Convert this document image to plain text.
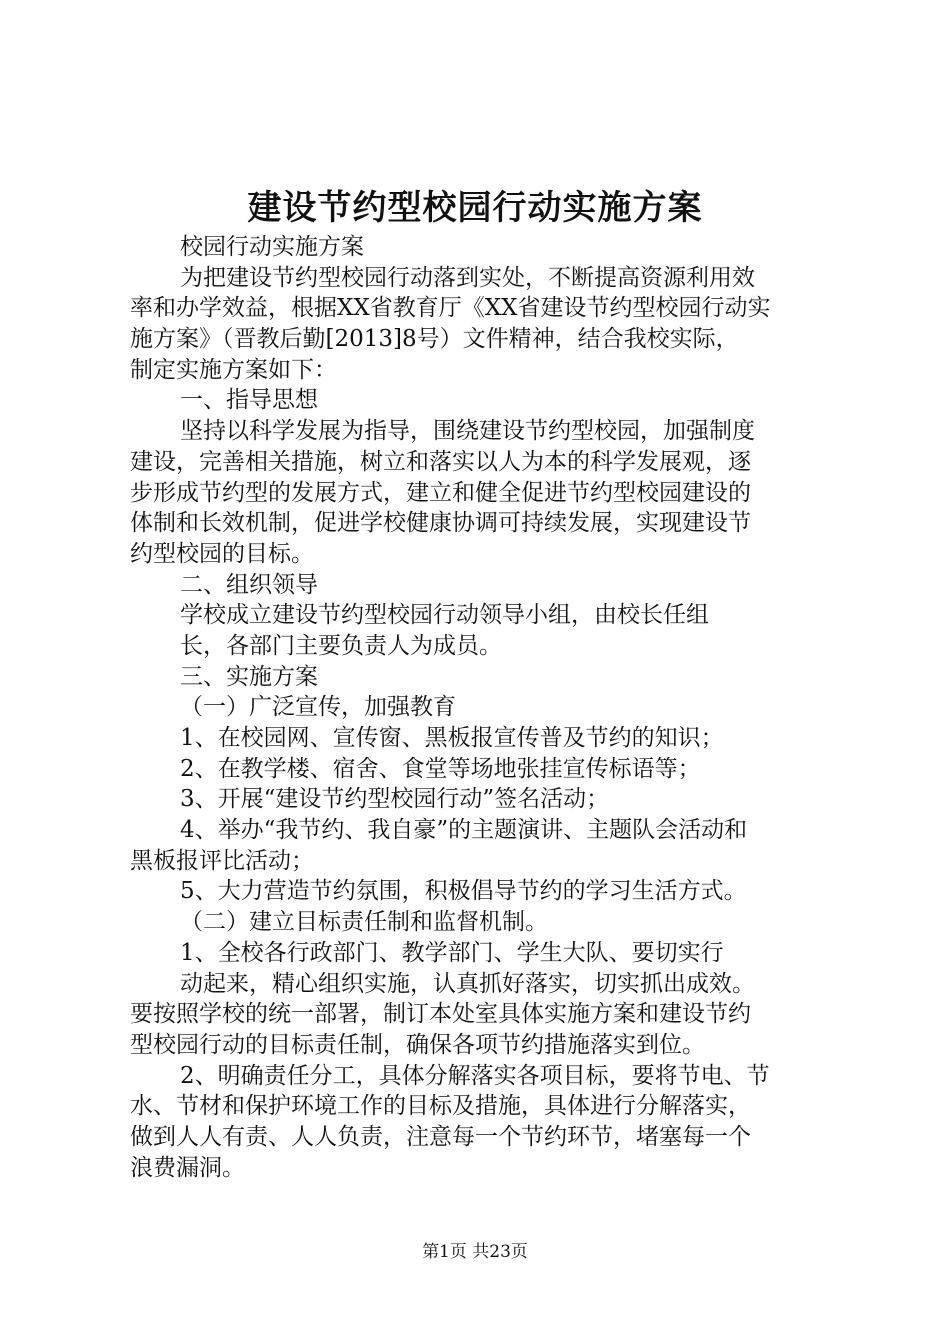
建设节约型校园行动实施方案

校园行动实施方案

为把建设节约型校园行动落到实处，不断提高资源利用效

率和办学效益，根据XX省教育厅《XX省建设节约型校园行动实

施方案》（晋教后勤[2013]8号）文件精神，结合我校实际，

制定实施方案如下：

一、指导思想

坚持以科学发展为指导，围绕建设节约型校园，加强制度

建设，完善相关措施，树立和落实以人为本的科学发展观，逐

步形成节约型的发展方式，建立和健全促进节约型校园建设的

体制和长效机制，促进学校健康协调可持续发展，实现建设节

约型校园的目标。

二、组织领导

学校成立建设节约型校园行动领导小组，由校长任组

长，各部门主要负责人为成员。

三、实施方案

（一）广泛宣传，加强教育

1、在校园网、宣传窗、黑板报宣传普及节约的知识；

2、在教学楼、宿舍、食堂等场地张挂宣传标语等；

3、开展“建设节约型校园行动”签名活动；

4、举办“我节约、我自豪”的主题演讲、主题队会活动和

黑板报评比活动；

5、大力营造节约氛围，积极倡导节约的学习生活方式。

（二）建立目标责任制和监督机制。

1、全校各行政部门、教学部门、学生大队、要切实行

动起来，精心组织实施，认真抓好落实，切实抓出成效。

要按照学校的统一部署，制订本处室具体实施方案和建设节约

型校园行动的目标责任制，确保各项节约措施落实到位。

2、明确责任分工，具体分解落实各项目标，要将节电、节

水、节材和保护环境工作的目标及措施，具体进行分解落实，

做到人人有责、人人负责，注意每一个节约环节，堵塞每一个

浪费漏洞。

第1页 共23页
